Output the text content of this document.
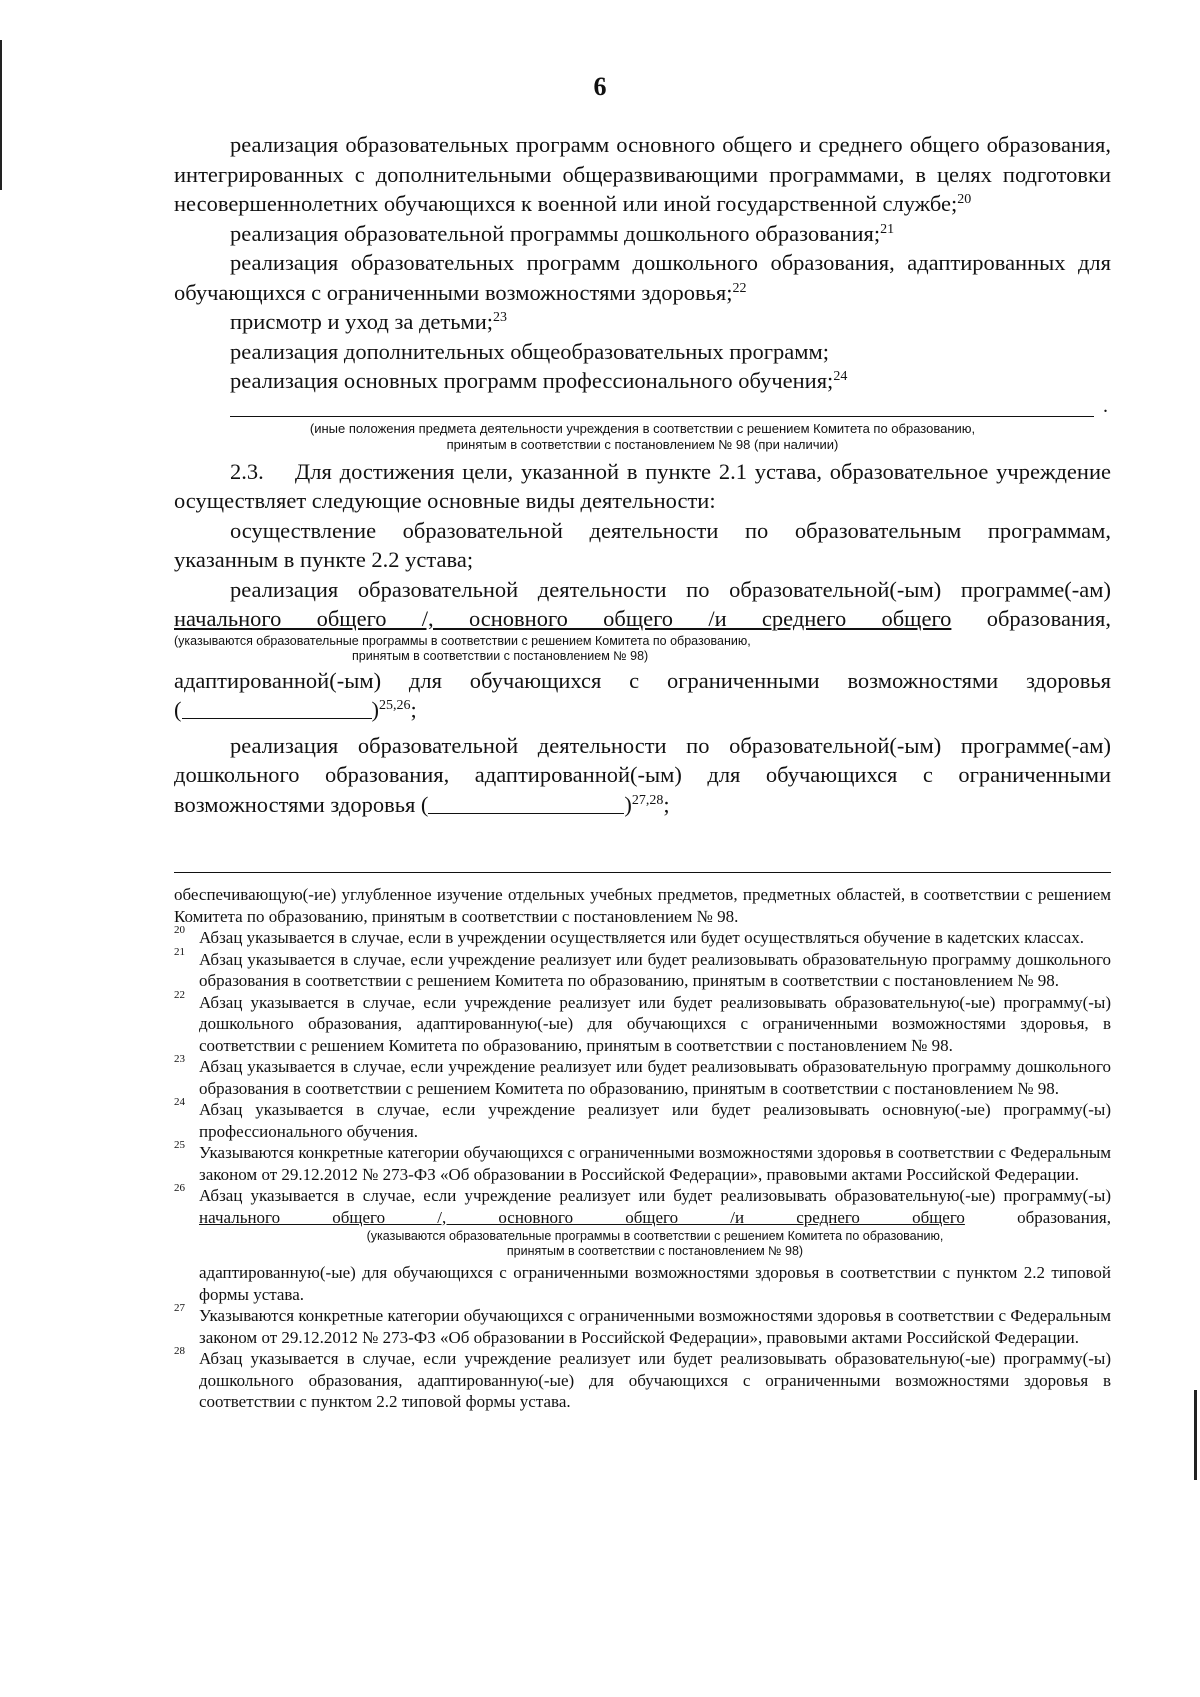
6

реализация образовательных программ основного общего и среднего общего образования, интегрированных с дополнительными общеразвивающими программами, в целях подготовки несовершеннолетних обучающихся к военной или иной государственной службе;$^{20}$

реализация образовательной программы дошкольного образования;$^{21}$

реализация образовательных программ дошкольного образования, адаптированных для обучающихся с ограниченными возможностями здоровья;$^{22}$

присмотр и уход за детьми;$^{23}$

реализация дополнительных общеобразовательных программ;

реализация основных программ профессионального обучения;$^{24}$

.
(иные положения предмета деятельности учреждения в соответствии с решением Комитета по образованию,
принятым в соответствии с постановлением № 98 (при наличии)

2.3.    Для достижения цели, указанной в пункте 2.1 устава, образовательное учреждение осуществляет следующие основные виды деятельности:

осуществление образовательной деятельности по образовательным программам, указанным в пункте 2.2 устава;

реализация образовательной деятельности по образовательной(-ым) программе(-ам) начального общего /, основного общего /и среднего общего образования,

(указываются образовательные программы в соответствии с решением Комитета по образованию,
принятым в соответствии с постановлением № 98)

адаптированной(-ым) для обучающихся с ограниченными возможностями здоровья

(	)$^{25,26}$;

реализация образовательной деятельности по образовательной(-ым) программе(-ам) дошкольного образования, адаптированной(-ым) для обучающихся с ограниченными возможностями здоровья (	)$^{27,28}$;

обеспечивающую(-ие) углубленное изучение отдельных учебных предметов, предметных областей, в соответствии с решением Комитета по образованию, принятым в соответствии с постановлением № 98.

20 Абзац указывается в случае, если в учреждении осуществляется или будет осуществляться обучение в кадетских классах.

21 Абзац указывается в случае, если учреждение реализует или будет реализовывать образовательную программу дошкольного образования в соответствии с решением Комитета по образованию, принятым в соответствии с постановлением № 98.

22 Абзац указывается в случае, если учреждение реализует или будет реализовывать образовательную(-ые) программу(-ы) дошкольного образования, адаптированную(-ые) для обучающихся с ограниченными возможностями здоровья, в соответствии с решением Комитета по образованию, принятым в соответствии с постановлением № 98.

23 Абзац указывается в случае, если учреждение реализует или будет реализовывать образовательную программу дошкольного образования в соответствии с решением Комитета по образованию, принятым в соответствии с постановлением № 98.

24 Абзац указывается в случае, если учреждение реализует или будет реализовывать основную(-ые) программу(-ы) профессионального обучения.

25 Указываются конкретные категории обучающихся с ограниченными возможностями здоровья в соответствии с Федеральным законом от 29.12.2012 № 273-ФЗ «Об образовании в Российской Федерации», правовыми актами Российской Федерации.

26 Абзац указывается в случае, если учреждение реализует или будет реализовывать образовательную(-ые) программу(-ы) начального общего /, основного общего /и среднего общего	образования,

(указываются образовательные программы в соответствии с решением Комитета по образованию,
принятым в соответствии с постановлением № 98)

адаптированную(-ые) для обучающихся с ограниченными возможностями здоровья в соответствии с пунктом 2.2 типовой формы устава.

27 Указываются конкретные категории обучающихся с ограниченными возможностями здоровья в соответствии с Федеральным законом от 29.12.2012 № 273-ФЗ «Об образовании в Российской Федерации», правовыми актами Российской Федерации.

28 Абзац указывается в случае, если учреждение реализует или будет реализовывать образовательную(-ые) программу(-ы) дошкольного образования, адаптированную(-ые) для обучающихся с ограниченными возможностями здоровья в соответствии с пунктом 2.2 типовой формы устава.
